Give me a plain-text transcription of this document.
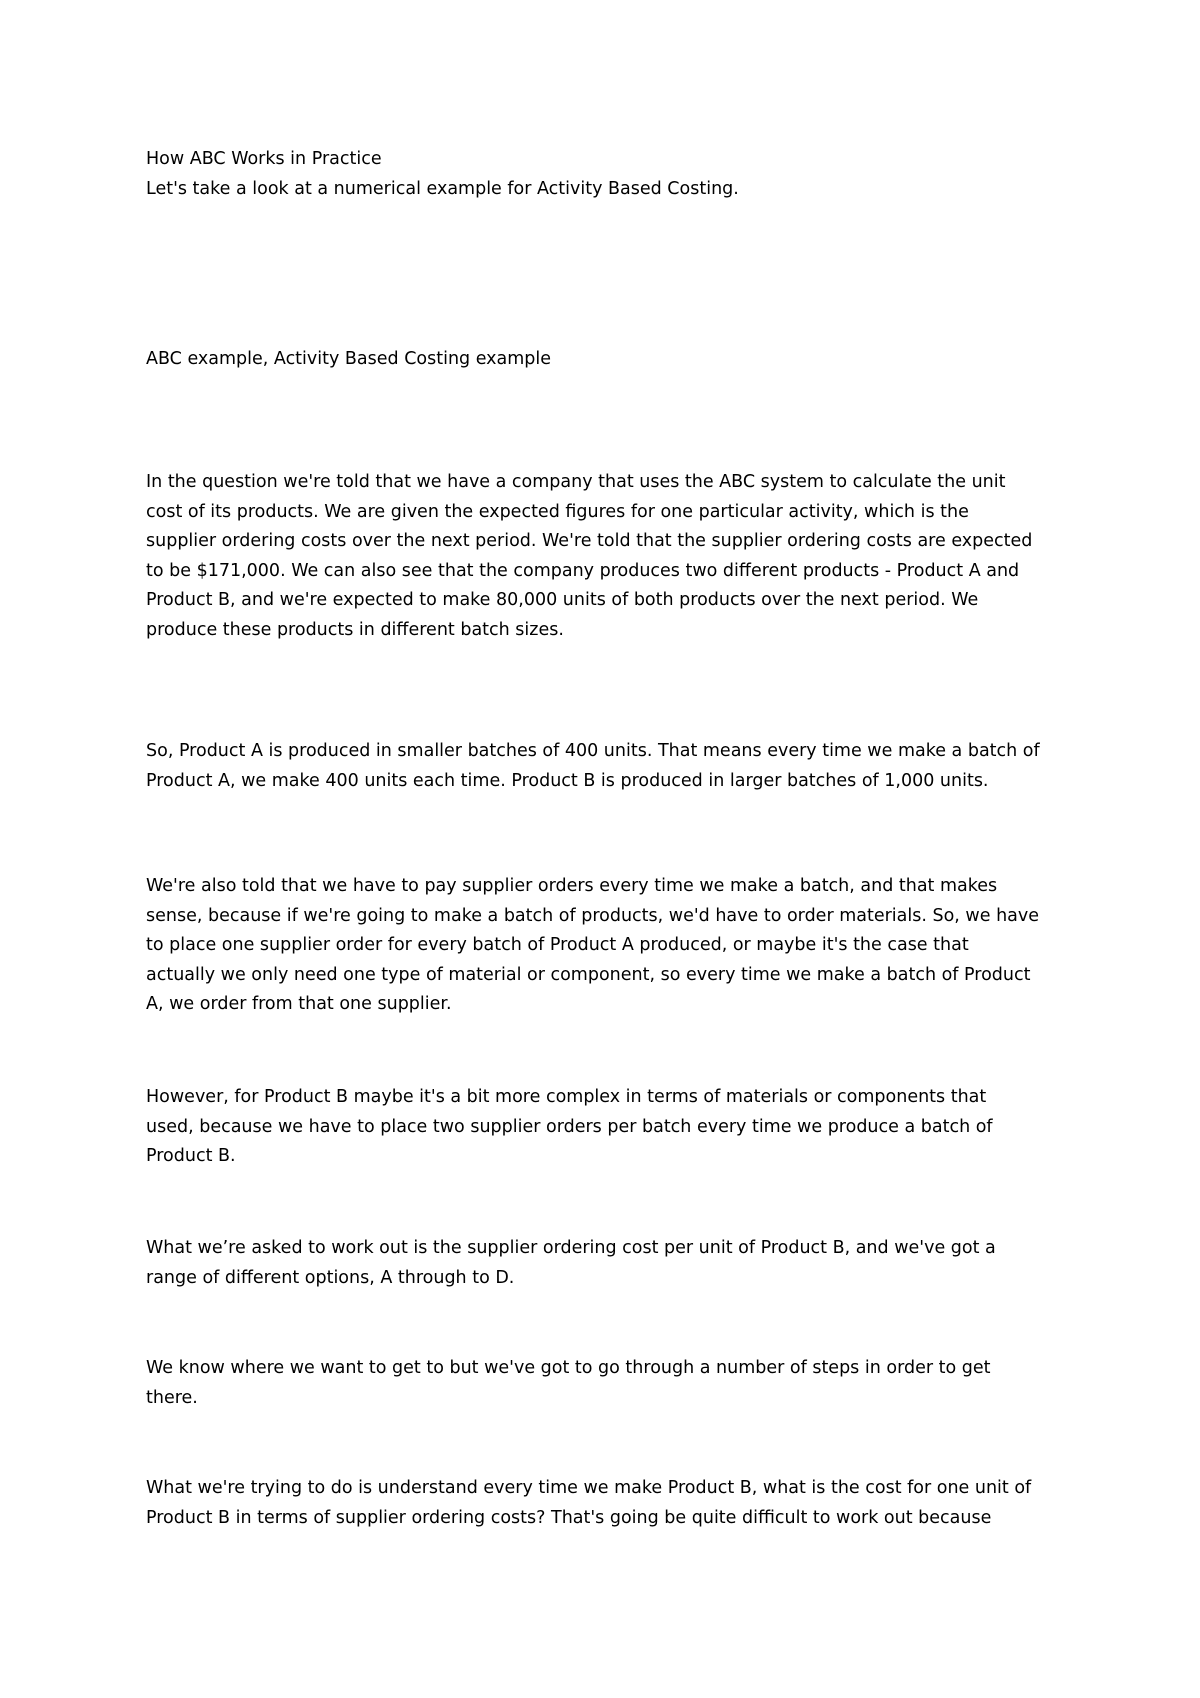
How ABC Works in Practice

Let's take a look at a numerical example for Activity Based Costing.

ABC example, Activity Based Costing example

In the question we're told that we have a company that uses the ABC system to calculate the unit
cost of its products. We are given the expected figures for one particular activity, which is the
supplier ordering costs over the next period. We're told that the supplier ordering costs are expected
to be $171,000. We can also see that the company produces two different products - Product A and
Product B, and we're expected to make 80,000 units of both products over the next period. We
produce these products in different batch sizes.
So, Product A is produced in smaller batches of 400 units. That means every time we make a batch of
Product A, we make 400 units each time. Product B is produced in larger batches of 1,000 units.
We're also told that we have to pay supplier orders every time we make a batch, and that makes
sense, because if we're going to make a batch of products, we'd have to order materials. So, we have
to place one supplier order for every batch of Product A produced, or maybe it's the case that
actually we only need one type of material or component, so every time we make a batch of Product
A, we order from that one supplier.
However, for Product B maybe it's a bit more complex in terms of materials or components that
used, because we have to place two supplier orders per batch every time we produce a batch of
Product B.
What we’re asked to work out is the supplier ordering cost per unit of Product B, and we've got a
range of different options, A through to D.
We know where we want to get to but we've got to go through a number of steps in order to get
there.
What we're trying to do is understand every time we make Product B, what is the cost for one unit of
Product B in terms of supplier ordering costs? That's going be quite difficult to work out because
